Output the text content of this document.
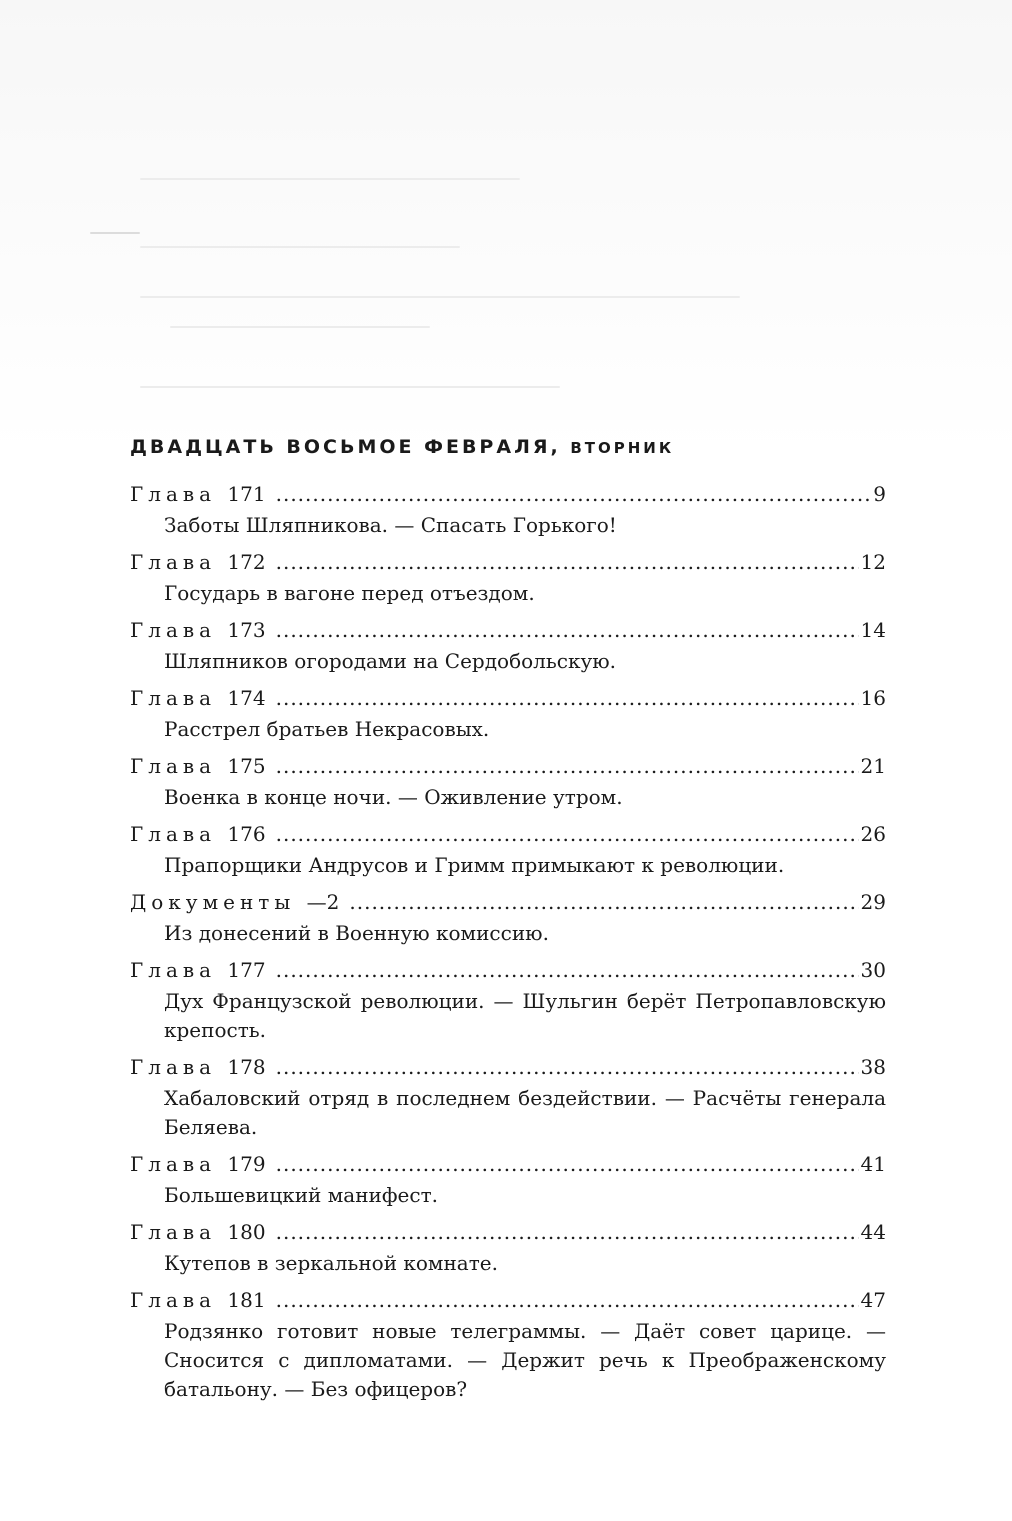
ДВАДЦАТЬ ВОСЬМОЕ ФЕВРАЛЯ, ВТОРНИК
Глава 171 .....	9
Заботы Шляпникова. — Спасать Горького!
Глава 172 .....	12
Государь в вагоне перед отъездом.
Глава 173 .....	14
Шляпников огородами на Сердобольскую.
Глава 174 .....	16
Расстрел братьев Некрасовых.
Глава 175 .....	21
Военка в конце ночи. — Оживление утром.
Глава 176 .....	26
Прапорщики Андрусов и Гримм примыкают к революции.
Документы —2 .....	29
Из донесений в Военную комиссию.
Глава 177 .....	30
Дух Французской революции. — Шульгин берёт Петропавловскую крепость.
Глава 178 .....	38
Хабаловский отряд в последнем бездействии. — Расчёты генерала Беляева.
Глава 179 .....	41
Большевицкий манифест.
Глава 180 .....	44
Кутепов в зеркальной комнате.
Глава 181 .....	47
Родзянко готовит новые телеграммы. — Даёт совет царице. — Сносится с дипломатами. — Держит речь к Преображенскому батальону. — Без офицеров?
